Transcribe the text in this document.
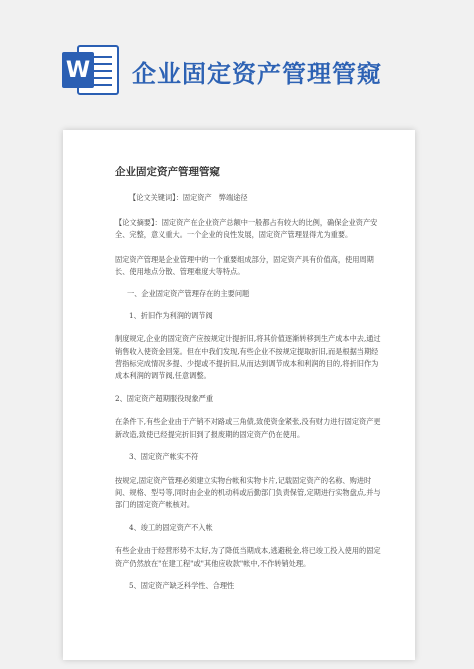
W 企业固定资产管理管窥

企业固定资产管理管窥

【论文关键词】：固定资产　弊端途径

【论文摘要】：固定资产在企业资产总额中一般都占有较大的比例，确保企业资产安全、完整，意义重大。一个企业的良性发展，固定资产管理显得尤为重要。

固定资产管理是企业管理中的一个重要组成部分，固定资产具有价值高，使用周期长、使用地点分散、管理难度大等特点。

一、企业固定资产管理存在的主要问题

1、折旧作为利润的调节阀

制度规定,企业的固定资产应按规定计提折旧,将其价值逐渐转移到生产成本中去,通过销售收入使资金回笼。但在中我们发现,有些企业不按规定提取折旧,而是根据当期经营指标完成情况多提、少提或不提折旧,从而达到调节成本和利润的目的,将折旧作为成本利润的调节阀,任意调整。

2、固定资产超期服役现象严重

在条件下,有些企业由于产销不对路或三角债,致使资金紧张,没有财力进行固定资产更新改造,致使已经提完折旧到了报废期的固定资产仍在使用。

3、固定资产帐实不符

按规定,固定资产管理必须建立实物台帐和实物卡片,记载固定资产的名称、购进时间、规格、型号等,同时由企业的机动科或后勤部门负责保管,定期进行实物盘点,并与部门的固定资产帐核对。

4、竣工的固定资产不入帐

有些企业由于经营形势不太好,为了降低当期成本,逃避税金,将已竣工投入使用的固定资产仍然放在"在建工程"或"其他应收款"帐中,不作转销处理。

5、固定资产缺乏科学性、合理性
